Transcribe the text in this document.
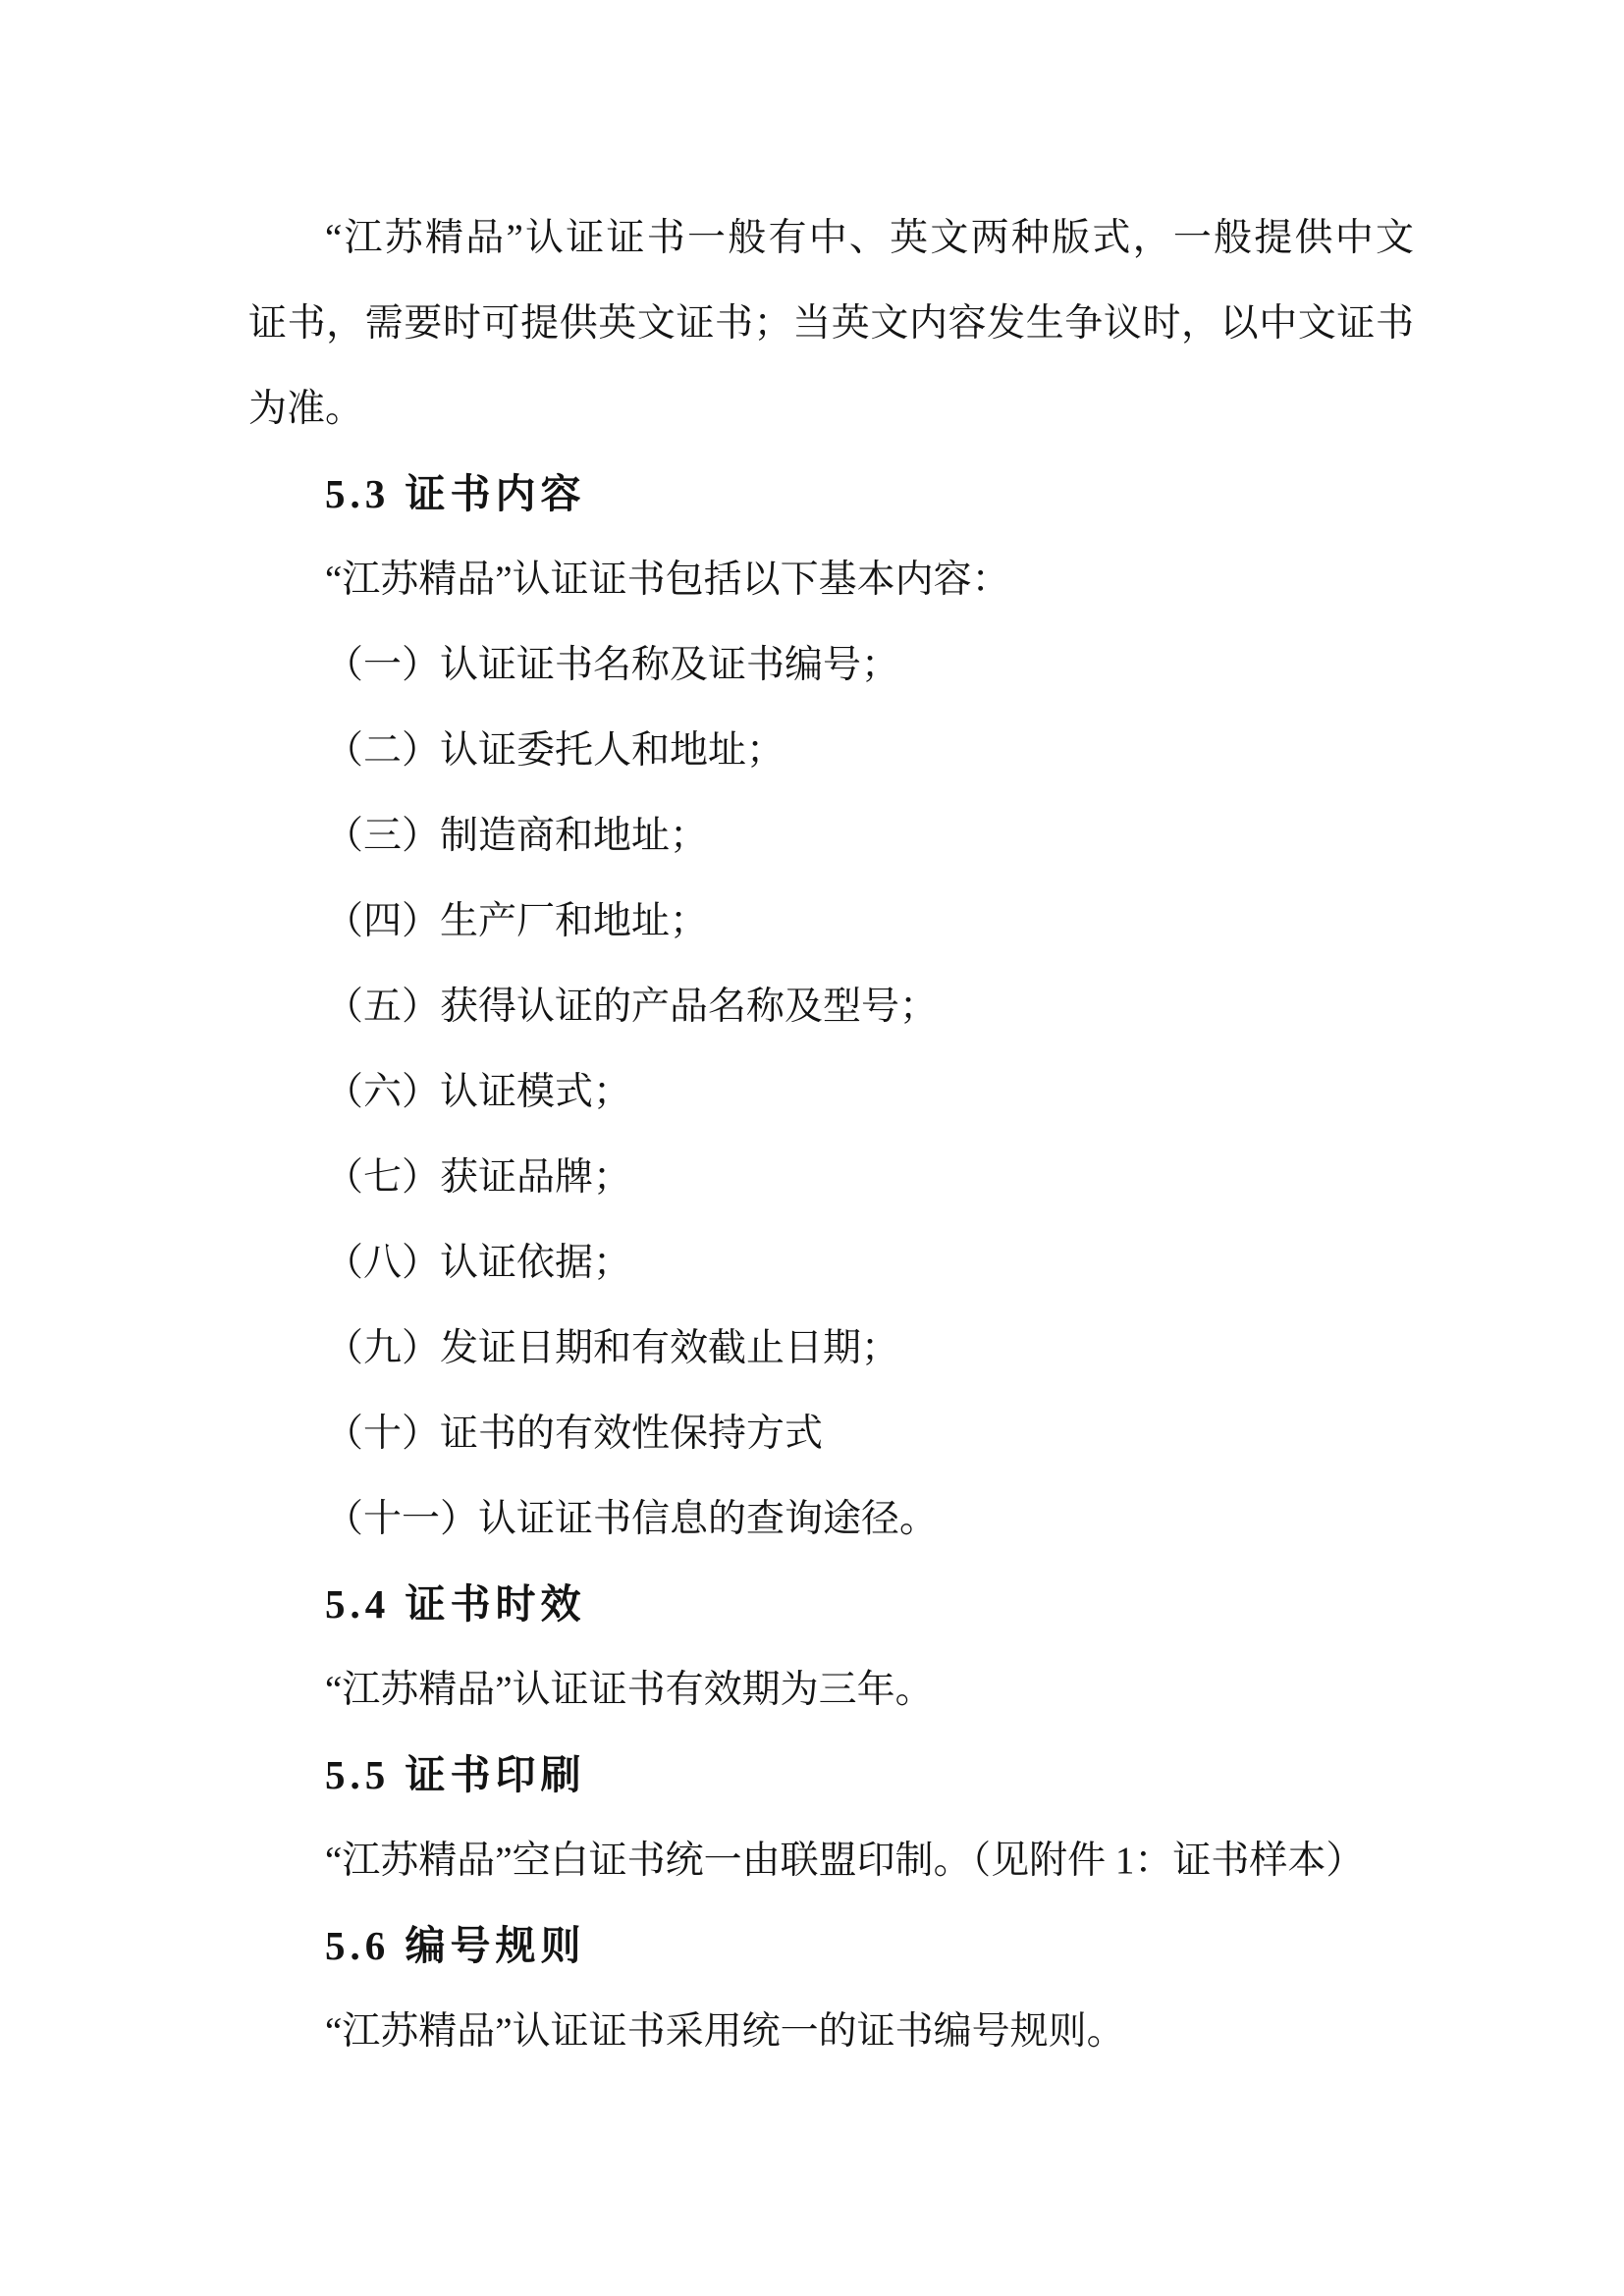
“江苏精品”认证证书一般有中、英文两种版式，一般提供中文

证书，需要时可提供英文证书；当英文内容发生争议时，以中文证书

为准。

5.3 证书内容

“江苏精品”认证证书包括以下基本内容：

（一）认证证书名称及证书编号；

（二）认证委托人和地址；

（三）制造商和地址；

（四）生产厂和地址；

（五）获得认证的产品名称及型号；

（六）认证模式；

（七）获证品牌；

（八）认证依据；

（九）发证日期和有效截止日期；

（十）证书的有效性保持方式

（十一）认证证书信息的查询途径。

5.4 证书时效

“江苏精品”认证证书有效期为三年。

5.5 证书印刷

“江苏精品”空白证书统一由联盟印制。（见附件 1：证书样本）

5.6 编号规则

“江苏精品”认证证书采用统一的证书编号规则。
